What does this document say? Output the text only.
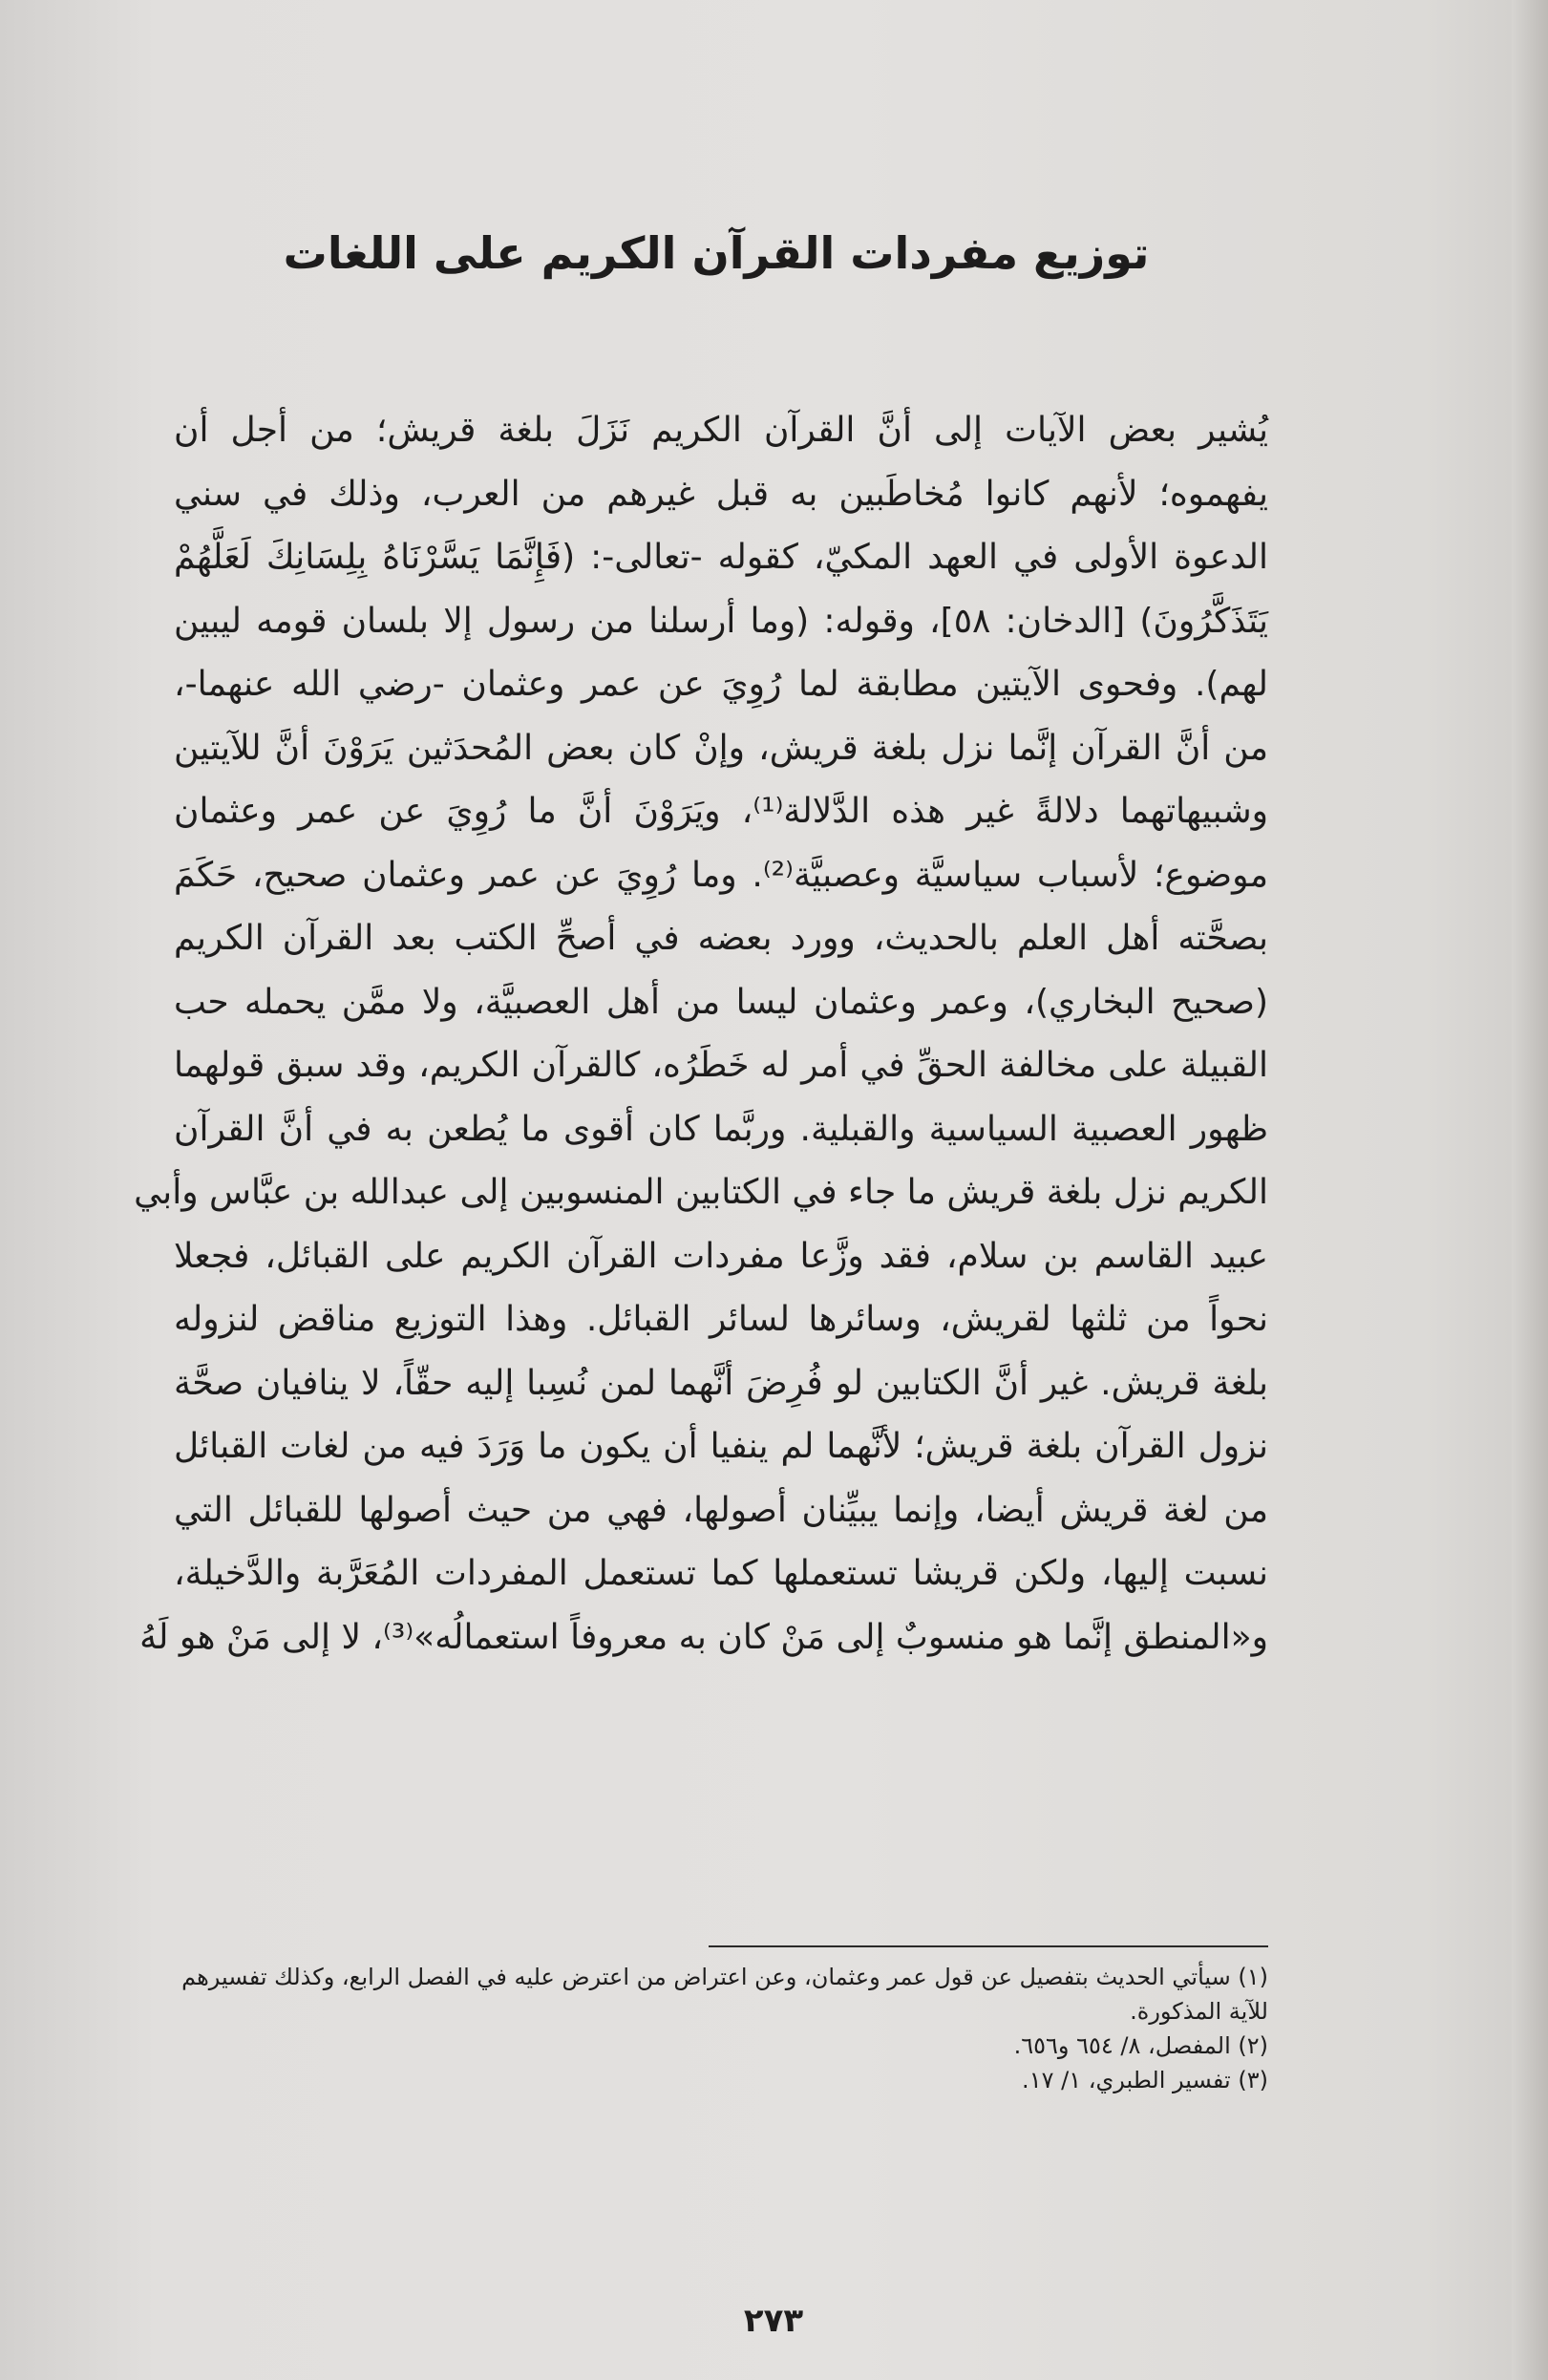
توزيع مفردات القرآن الكريم على اللغات
يُشير بعض الآيات إلى أنَّ القرآن الكريم نَزَلَ بلغة قريش؛ من أجل أن
يفهموه؛ لأنهم كانوا مُخاطَبين به قبل غيرهم من العرب، وذلك في سني
الدعوة الأولى في العهد المكيّ، كقوله -تعالى-: (فَإِنَّمَا يَسَّرْنَاهُ بِلِسَانِكَ لَعَلَّهُمْ
يَتَذَكَّرُونَ) [الدخان: ٥٨]، وقوله: (وما أرسلنا من رسول إلا بلسان قومه ليبين
لهم). وفحوى الآيتين مطابقة لما رُوِيَ عن عمر وعثمان -رضي الله عنهما-،
من أنَّ القرآن إنَّما نزل بلغة قريش، وإنْ كان بعض المُحدَثين يَرَوْنَ أنَّ للآيتين
وشبيهاتهما دلالةً غير هذه الدَّلالة⁽¹⁾، ويَرَوْنَ أنَّ ما رُوِيَ عن عمر وعثمان
موضوع؛ لأسباب سياسيَّة وعصبيَّة⁽²⁾. وما رُوِيَ عن عمر وعثمان صحيح، حَكَمَ
بصحَّته أهل العلم بالحديث، وورد بعضه في أصحِّ الكتب بعد القرآن الكريم
(صحيح البخاري)، وعمر وعثمان ليسا من أهل العصبيَّة، ولا ممَّن يحمله حب
القبيلة على مخالفة الحقِّ في أمر له خَطَرُه، كالقرآن الكريم، وقد سبق قولهما
ظهور العصبية السياسية والقبلية. وربَّما كان أقوى ما يُطعن به في أنَّ القرآن
الكريم نزل بلغة قريش ما جاء في الكتابين المنسوبين إلى عبدالله بن عبَّاس وأبي
عبيد القاسم بن سلام، فقد وزَّعا مفردات القرآن الكريم على القبائل، فجعلا
نحواً من ثلثها لقريش، وسائرها لسائر القبائل. وهذا التوزيع مناقض لنزوله
بلغة قريش. غير أنَّ الكتابين لو فُرِضَ أنَّهما لمن نُسِبا إليه حقّاً، لا ينافيان صحَّة
نزول القرآن بلغة قريش؛ لأنَّهما لم ينفيا أن يكون ما وَرَدَ فيه من لغات القبائل
من لغة قريش أيضا، وإنما يبيِّنان أصولها، فهي من حيث أصولها للقبائل التي
نسبت إليها، ولكن قريشا تستعملها كما تستعمل المفردات المُعَرَّبة والدَّخيلة،
و«المنطق إنَّما هو منسوبٌ إلى مَنْ كان به معروفاً استعمالُه»⁽³⁾، لا إلى مَنْ هو لَهُ
(١) سيأتي الحديث بتفصيل عن قول عمر وعثمان، وعن اعتراض من اعترض عليه في الفصل الرابع، وكذلك تفسيرهم
للآية المذكورة.
(٢) المفصل، ٨/ ٦٥٤ و٦٥٦.
(٣) تفسير الطبري، ١/ ١٧.
٢٧٣
